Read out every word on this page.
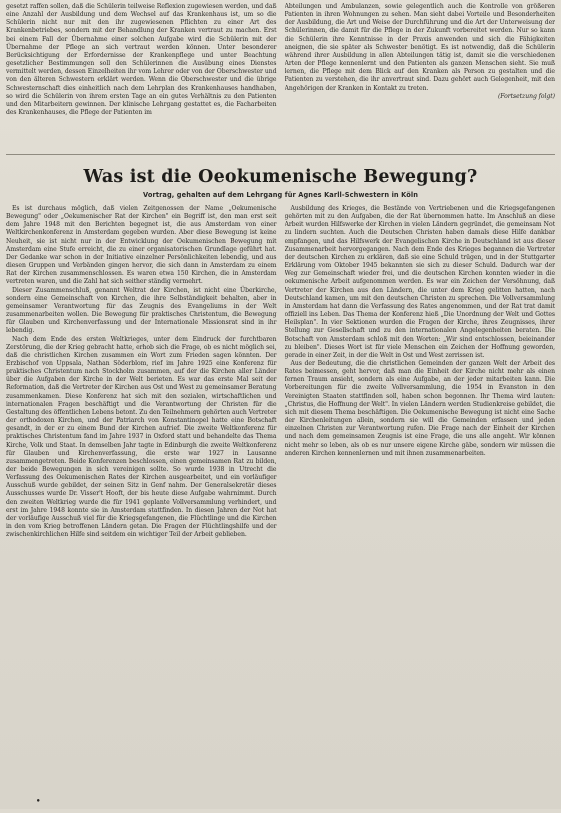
gesetzt raffen sollen, daß die Schülerin teilweise Reflexion zugewiesen werden, und daß eine Anzahl der Ausbildung und dem Wechsel auf das Krankenhaus ist, um so die Schülerin nicht nur mit den ihr zugewiesenen Pflichten zu einer Art des Krankenbetriebes, sondern mit der Behandlung der Kranken vertraut zu machen. Erst bei einem Fall der Übernahme einer solchen Aufgabe wird die Schülerin mit der Übernahme der Pflege an sich vertraut werden können. Unter besonderer Berücksichtigung der Erfordernisse der Krankenpflege und unter Beachtung gesetzlicher Bestimmungen soll den Schülerinnen die Ausübung eines Dienstes vermittelt werden, dessen Einzelheiten ihr vom Lehrer oder von der Oberschwester und von den älteren Schwestern erklärt werden. Wenn die Oberschwester und die übrige Schwesternschaft dies einheitlich nach dem Lehrplan des Krankenhauses handhaben, so wird die Schülerin von ihrem ersten Tage an ein gutes Verhältnis zu den Patienten und den Mitarbeitern gewinnen. Der klinische Lehrgang gestattet es, die Facharbeiten des Krankenhauses, die Pflege der Patienten im

Abteilungen und Ambulanzen, sowie gelegentlich auch die Kontrolle von größeren Patienten in ihren Wohnungen zu sehen. Man sieht dabei Vorteile und Besonderheiten der Ausbildung, die Art und Weise der Durchführung und die Art der Unterweisung der Schülerinnen, die damit für die Pflege in der Zukunft vorbereitet werden. Nur so kann die Schülerin ihre Kenntnisse in der Praxis anwenden und sich die Fähigkeiten aneignen, die sie später als Schwester benötigt. Es ist notwendig, daß die Schülerin während ihrer Ausbildung in allen Abteilungen tätig ist, damit sie die verschiedenen Arten der Pflege kennenlernt und den Patienten als ganzen Menschen sieht. Sie muß lernen, die Pflege mit dem Blick auf den Kranken als Person zu gestalten und die Patienten zu verstehen, die ihr anvertraut sind. Dazu gehört auch Gelegenheit, mit den Angehörigen der Kranken in Kontakt zu treten.

(Fortsetzung folgt)

Was ist die Oeokumenische Bewegung?
Vortrag, gehalten auf dem Lehrgang für Agnes Karll-Schwestern in Köln

Es ist durchaus möglich, daß vielen Zeitgenossen der Name „Oekumenische Bewegung" oder „Oekumenischer Rat der Kirchen" ein Begriff ist, den man erst seit dem Jahre 1948 mit den Berichten begegnet ist, die aus Amsterdam von einer Weltkirchenkonferenz in Amsterdam gegeben wurden. Aber diese Bewegung ist keine Neuheit, sie ist nicht nur in der Entwicklung der Oekumenischen Bewegung mit Amsterdam eine Stufe erreicht, die zu einer organisatorischen Grundlage geführt hat. Der Gedanke war schon in der Initiative einzelner Persönlichkeiten lebendig, und aus diesen Gruppen und Verbänden gingen hervor, die sich dann in Amsterdam zu einem Rat der Kirchen zusammenschlossen. Es waren etwa 150 Kirchen, die in Amsterdam vertreten waren, und die Zahl hat sich seither ständig vermehrt.

Dieser Zusammenschluß, genannt Weltrat der Kirchen, ist nicht eine Überkirche, sondern eine Gemeinschaft von Kirchen, die ihre Selbständigkeit behalten, aber in gemeinsamer Verantwortung für das Zeugnis des Evangeliums in der Welt zusammenarbeiten wollen. Die Bewegung für praktisches Christentum, die Bewegung für Glauben und Kirchenverfassung und der Internationale Missionsrat sind in ihr lebendig.

Nach dem Ende des ersten Weltkrieges, unter dem Eindruck der furchtbaren Zerstörung, die der Krieg gebracht hatte, erhob sich die Frage, ob es nicht möglich sei, daß die christlichen Kirchen zusammen ein Wort zum Frieden sagen könnten. Der Erzbischof von Uppsala, Nathan Söderblom, rief im Jahre 1925 eine Konferenz für praktisches Christentum nach Stockholm zusammen, auf der die Kirchen aller Länder über die Aufgaben der Kirche in der Welt berieten. Es war das erste Mal seit der Reformation, daß die Vertreter der Kirchen aus Ost und West zu gemeinsamer Beratung zusammenkamen. Diese Konferenz hat sich mit den sozialen, wirtschaftlichen und internationalen Fragen beschäftigt und die Verantwortung der Christen für die Gestaltung des öffentlichen Lebens betont. Zu den Teilnehmern gehörten auch Vertreter der orthodoxen Kirchen, und der Patriarch von Konstantinopel hatte eine Botschaft gesandt, in der er zu einem Bund der Kirchen aufrief. Die zweite Weltkonferenz für praktisches Christentum fand im Jahre 1937 in Oxford statt und behandelte das Thema Kirche, Volk und Staat. In demselben Jahr tagte in Edinburgh die zweite Weltkonferenz für Glauben und Kirchenverfassung, die erste war 1927 in Lausanne zusammengetreten. Beide Konferenzen beschlossen, einen gemeinsamen Rat zu bilden, der beide Bewegungen in sich vereinigen sollte. So wurde 1938 in Utrecht die Verfassung des Oekumenischen Rates der Kirchen ausgearbeitet, und ein vorläufiger Ausschuß wurde gebildet, der seinen Sitz in Genf nahm. Der Generalsekretär dieses Ausschusses wurde Dr. Visser't Hooft, der bis heute diese Aufgabe wahrnimmt. Durch den zweiten Weltkrieg wurde die für 1941 geplante Vollversammlung verhindert, und erst im Jahre 1948 konnte sie in Amsterdam stattfinden. In diesen Jahren der Not hat der vorläufige Ausschuß viel für die Kriegsgefangenen, die Flüchtlinge und die Kirchen in den vom Krieg betroffenen Ländern getan. Die Fragen der Flüchtlingshilfe und der zwischenkirchlichen Hilfe sind seitdem ein wichtiger Teil der Arbeit geblieben.

Ausbildung des Krieges, die Bestände von Vertriebenen und die Kriegsgefangenen gehörten mit zu den Aufgaben, die der Rat übernommen hatte. Im Anschluß an diese Arbeit wurden Hilfswerke der Kirchen in vielen Ländern gegründet, die gemeinsam Not zu lindern suchten. Auch die Deutschen Christen haben damals diese Hilfe dankbar empfangen, und das Hilfswerk der Evangelischen Kirche in Deutschland ist aus dieser Zusammenarbeit hervorgegangen. Nach dem Ende des Krieges begannen die Vertreter der deutschen Kirchen zu erklären, daß sie eine Schuld trügen, und in der Stuttgarter Erklärung vom Oktober 1945 bekannten sie sich zu dieser Schuld. Dadurch war der Weg zur Gemeinschaft wieder frei, und die deutschen Kirchen konnten wieder in die oekumenische Arbeit aufgenommen werden. Es war ein Zeichen der Versöhnung, daß Vertreter der Kirchen aus den Ländern, die unter dem Krieg gelitten hatten, nach Deutschland kamen, um mit den deutschen Christen zu sprechen. Die Vollversammlung in Amsterdam hat dann die Verfassung des Rates angenommen, und der Rat trat damit offiziell ins Leben. Das Thema der Konferenz hieß „Die Unordnung der Welt und Gottes Heilsplan". In vier Sektionen wurden die Fragen der Kirche, ihres Zeugnisses, ihrer Stellung zur Gesellschaft und zu den internationalen Angelegenheiten beraten. Die Botschaft von Amsterdam schloß mit den Worten: „Wir sind entschlossen, beieinander zu bleiben". Dieses Wort ist für viele Menschen ein Zeichen der Hoffnung geworden, gerade in einer Zeit, in der die Welt in Ost und West zerrissen ist.

Aus der Bedeutung, die die christlichen Gemeinden der ganzen Welt der Arbeit des Rates beimessen, geht hervor, daß man die Einheit der Kirche nicht mehr als einen fernen Traum ansieht, sondern als eine Aufgabe, an der jeder mitarbeiten kann. Die Vorbereitungen für die zweite Vollversammlung, die 1954 in Evanston in den Vereinigten Staaten stattfinden soll, haben schon begonnen. Ihr Thema wird lauten: „Christus, die Hoffnung der Welt". In vielen Ländern werden Studienkreise gebildet, die sich mit diesem Thema beschäftigen. Die Oekumenische Bewegung ist nicht eine Sache der Kirchenleitungen allein, sondern sie will die Gemeinden erfassen und jeden einzelnen Christen zur Verantwortung rufen. Die Frage nach der Einheit der Kirchen und nach dem gemeinsamen Zeugnis ist eine Frage, die uns alle angeht. Wir können nicht mehr so leben, als ob es nur unsere eigene Kirche gäbe, sondern wir müssen die anderen Kirchen kennenlernen und mit ihnen zusammenarbeiten.

•
